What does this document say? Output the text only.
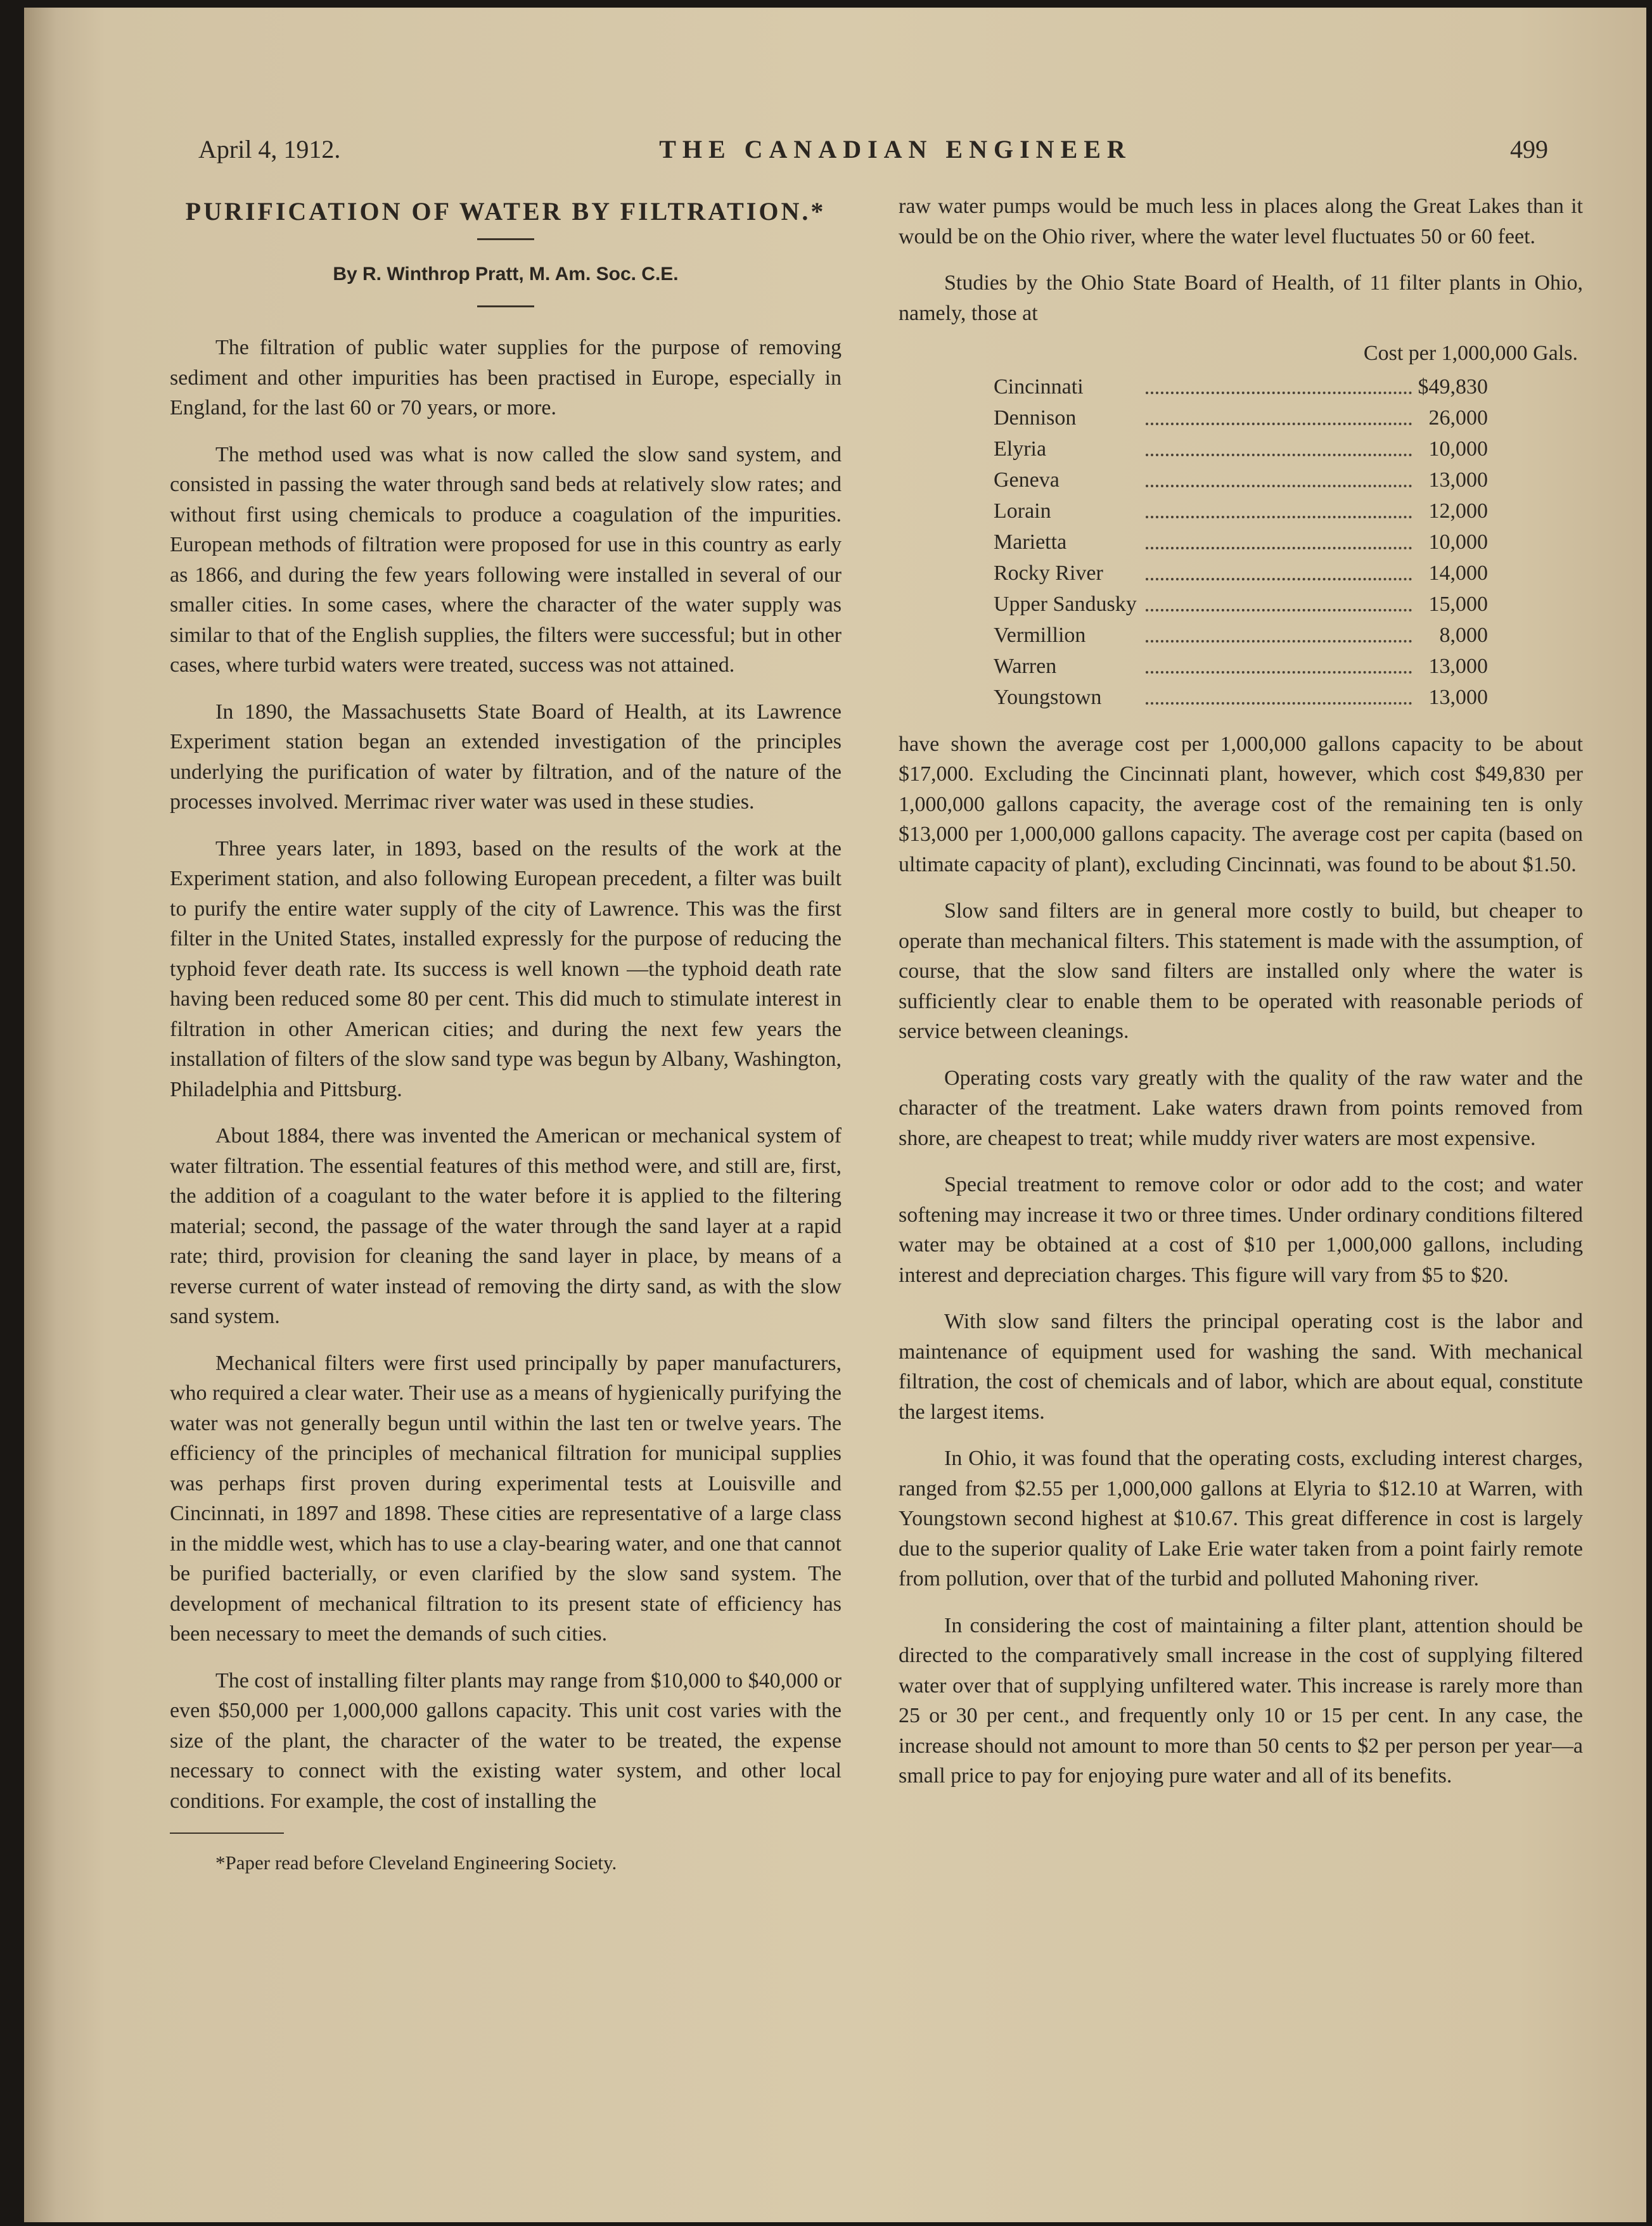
April 4, 1912.	THE CANADIAN ENGINEER	499
PURIFICATION OF WATER BY FILTRATION.*
By R. Winthrop Pratt, M. Am. Soc. C.E.

The filtration of public water supplies for the purpose of removing sediment and other impurities has been practised in Europe, especially in England, for the last 60 or 70 years, or more.

The method used was what is now called the slow sand system, and consisted in passing the water through sand beds at relatively slow rates; and without first using chemicals to produce a coagulation of the impurities. European methods of filtration were proposed for use in this country as early as 1866, and during the few years following were installed in several of our smaller cities. In some cases, where the character of the water supply was similar to that of the English supplies, the filters were successful; but in other cases, where turbid waters were treated, success was not attained.

In 1890, the Massachusetts State Board of Health, at its Lawrence Experiment station began an extended investigation of the principles underlying the purification of water by filtration, and of the nature of the processes involved. Merrimac river water was used in these studies.

Three years later, in 1893, based on the results of the work at the Experiment station, and also following European precedent, a filter was built to purify the entire water supply of the city of Lawrence. This was the first filter in the United States, installed expressly for the purpose of reducing the typhoid fever death rate. Its success is well known —the typhoid death rate having been reduced some 80 per cent. This did much to stimulate interest in filtration in other American cities; and during the next few years the installation of filters of the slow sand type was begun by Albany, Washington, Philadelphia and Pittsburg.

About 1884, there was invented the American or mechanical system of water filtration. The essential features of this method were, and still are, first, the addition of a coagulant to the water before it is applied to the filtering material; second, the passage of the water through the sand layer at a rapid rate; third, provision for cleaning the sand layer in place, by means of a reverse current of water instead of removing the dirty sand, as with the slow sand system.

Mechanical filters were first used principally by paper manufacturers, who required a clear water. Their use as a means of hygienically purifying the water was not generally begun until within the last ten or twelve years. The efficiency of the principles of mechanical filtration for municipal supplies was perhaps first proven during experimental tests at Louisville and Cincinnati, in 1897 and 1898. These cities are representative of a large class in the middle west, which has to use a clay-bearing water, and one that cannot be purified bacterially, or even clarified by the slow sand system. The development of mechanical filtration to its present state of efficiency has been necessary to meet the demands of such cities.

The cost of installing filter plants may range from $10,000 to $40,000 or even $50,000 per 1,000,000 gallons capacity. This unit cost varies with the size of the plant, the character of the water to be treated, the expense necessary to connect with the existing water system, and other local conditions. For example, the cost of installing the

*Paper read before Cleveland Engineering Society.

raw water pumps would be much less in places along the Great Lakes than it would be on the Ohio river, where the water level fluctuates 50 or 60 feet.

Studies by the Ohio State Board of Health, of 11 filter plants in Ohio, namely, those at

Cost per 1,000,000 Gals.
Cincinnati		$49,830
Dennison		26,000
Elyria		10,000
Geneva		13,000
Lorain		12,000
Marietta		10,000
Rocky River		14,000
Upper Sandusky		15,000
Vermillion		8,000
Warren		13,000
Youngstown		13,000

have shown the average cost per 1,000,000 gallons capacity to be about $17,000. Excluding the Cincinnati plant, however, which cost $49,830 per 1,000,000 gallons capacity, the average cost of the remaining ten is only $13,000 per 1,000,000 gallons capacity. The average cost per capita (based on ultimate capacity of plant), excluding Cincinnati, was found to be about $1.50.

Slow sand filters are in general more costly to build, but cheaper to operate than mechanical filters. This statement is made with the assumption, of course, that the slow sand filters are installed only where the water is sufficiently clear to enable them to be operated with reasonable periods of service between cleanings.

Operating costs vary greatly with the quality of the raw water and the character of the treatment. Lake waters drawn from points removed from shore, are cheapest to treat; while muddy river waters are most expensive.

Special treatment to remove color or odor add to the cost; and water softening may increase it two or three times. Under ordinary conditions filtered water may be obtained at a cost of $10 per 1,000,000 gallons, including interest and depreciation charges. This figure will vary from $5 to $20.

With slow sand filters the principal operating cost is the labor and maintenance of equipment used for washing the sand. With mechanical filtration, the cost of chemicals and of labor, which are about equal, constitute the largest items.

In Ohio, it was found that the operating costs, excluding interest charges, ranged from $2.55 per 1,000,000 gallons at Elyria to $12.10 at Warren, with Youngstown second highest at $10.67. This great difference in cost is largely due to the superior quality of Lake Erie water taken from a point fairly remote from pollution, over that of the turbid and polluted Mahoning river.

In considering the cost of maintaining a filter plant, attention should be directed to the comparatively small increase in the cost of supplying filtered water over that of supplying unfiltered water. This increase is rarely more than 25 or 30 per cent., and frequently only 10 or 15 per cent. In any case, the increase should not amount to more than 50 cents to $2 per person per year—a small price to pay for enjoying pure water and all of its benefits.
